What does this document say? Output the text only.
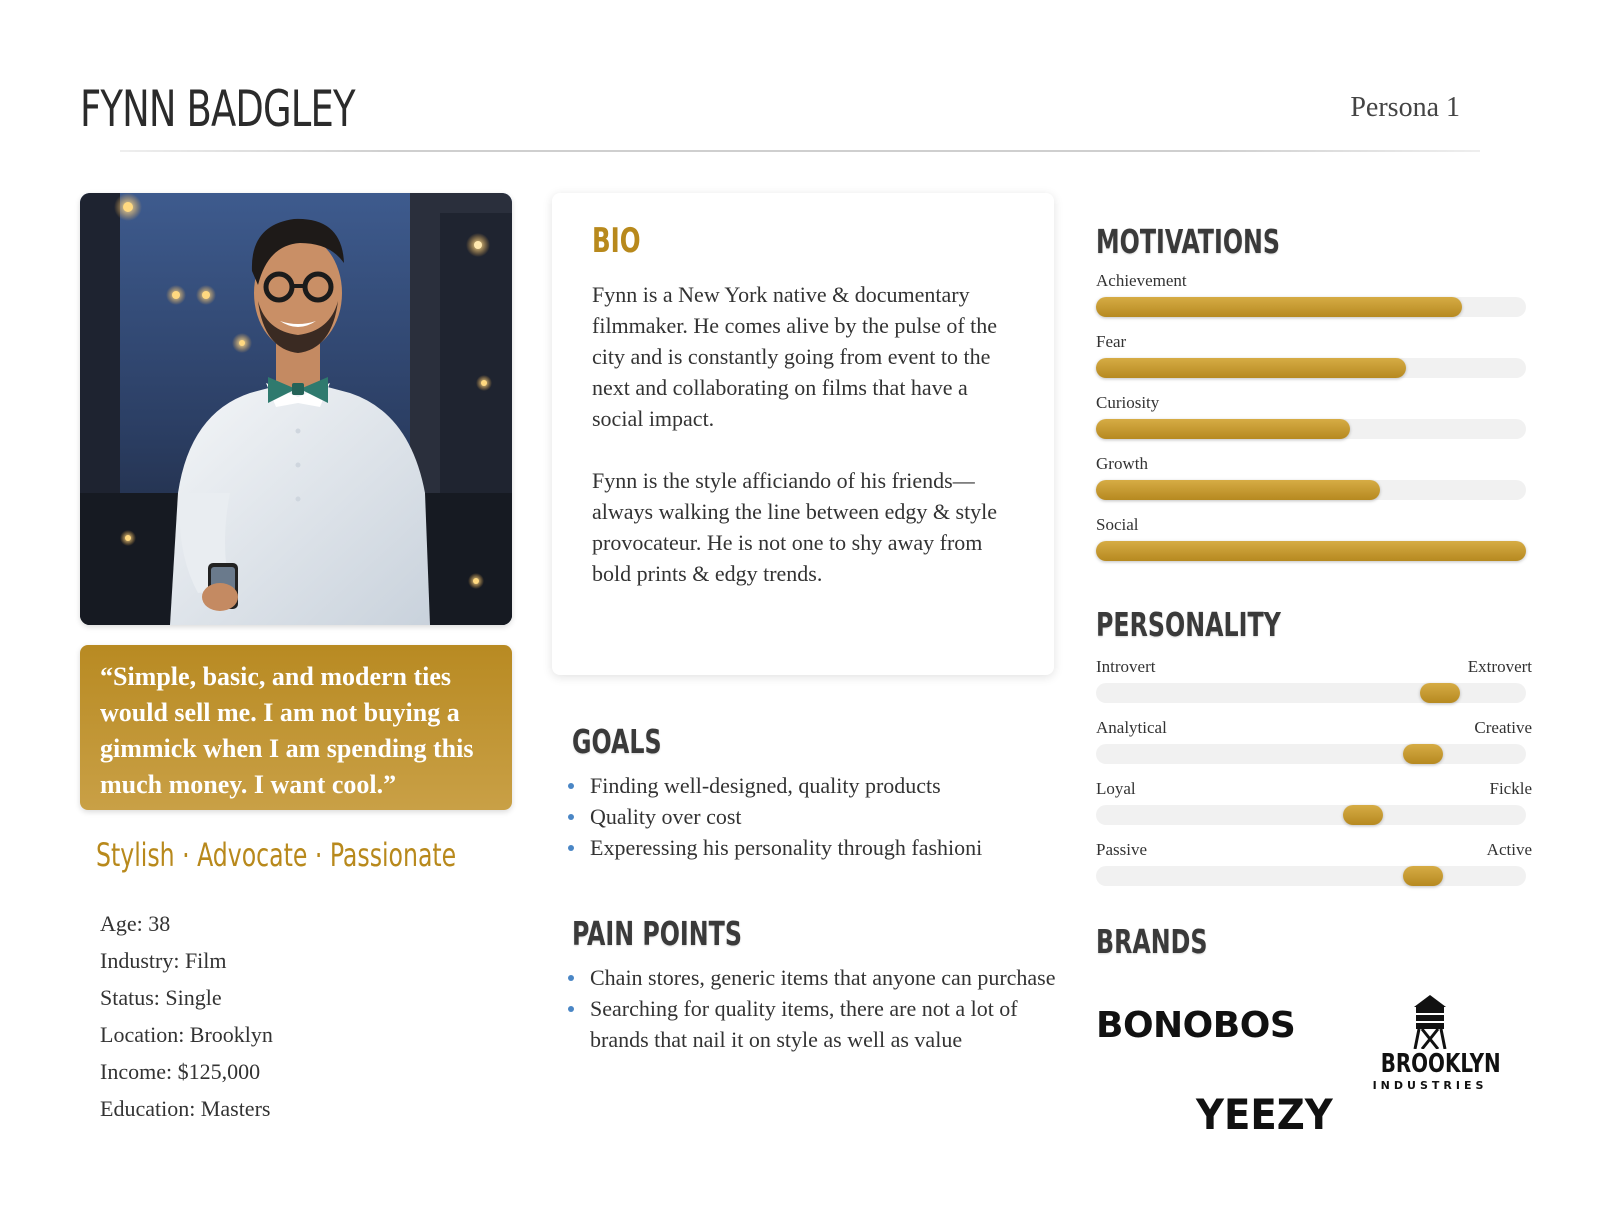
FYNN BADGLEY	Persona 1

“Simple, basic, and modern ties would sell me. I am not buying a gimmick when I am spending this much money. I want cool.”

Stylish · Advocate · Passionate
Age: 38
Industry: Film
Status: Single
Location: Brooklyn
Income: $125,000
Education: Masters
BIO

Fynn is a New York native & documentary filmmaker. He comes alive by the pulse of the city and is constantly going from event to the next and collaborating on films that have a social impact.

Fynn is the style afficiando of his friends—always walking the line between edgy & style provocateur. He is not one to shy away from bold prints & edgy trends.

GOALS
Finding well-designed, quality products
Quality over cost
Experessing his personality through fashioni
PAIN POINTS
Chain stores, generic items that anyone can purchase
Searching for quality items, there are not a lot of brands that nail it on style as well as value
MOTIVATIONS
Achievement
Fear
Curiosity
Growth
Social
PERSONALITY
Introvert	Extrovert
Analytical	Creative
Loyal	Fickle
Passive	Active
BRANDS
BONOBOS
BROOKLYN
INDUSTRIES
YEEZY
